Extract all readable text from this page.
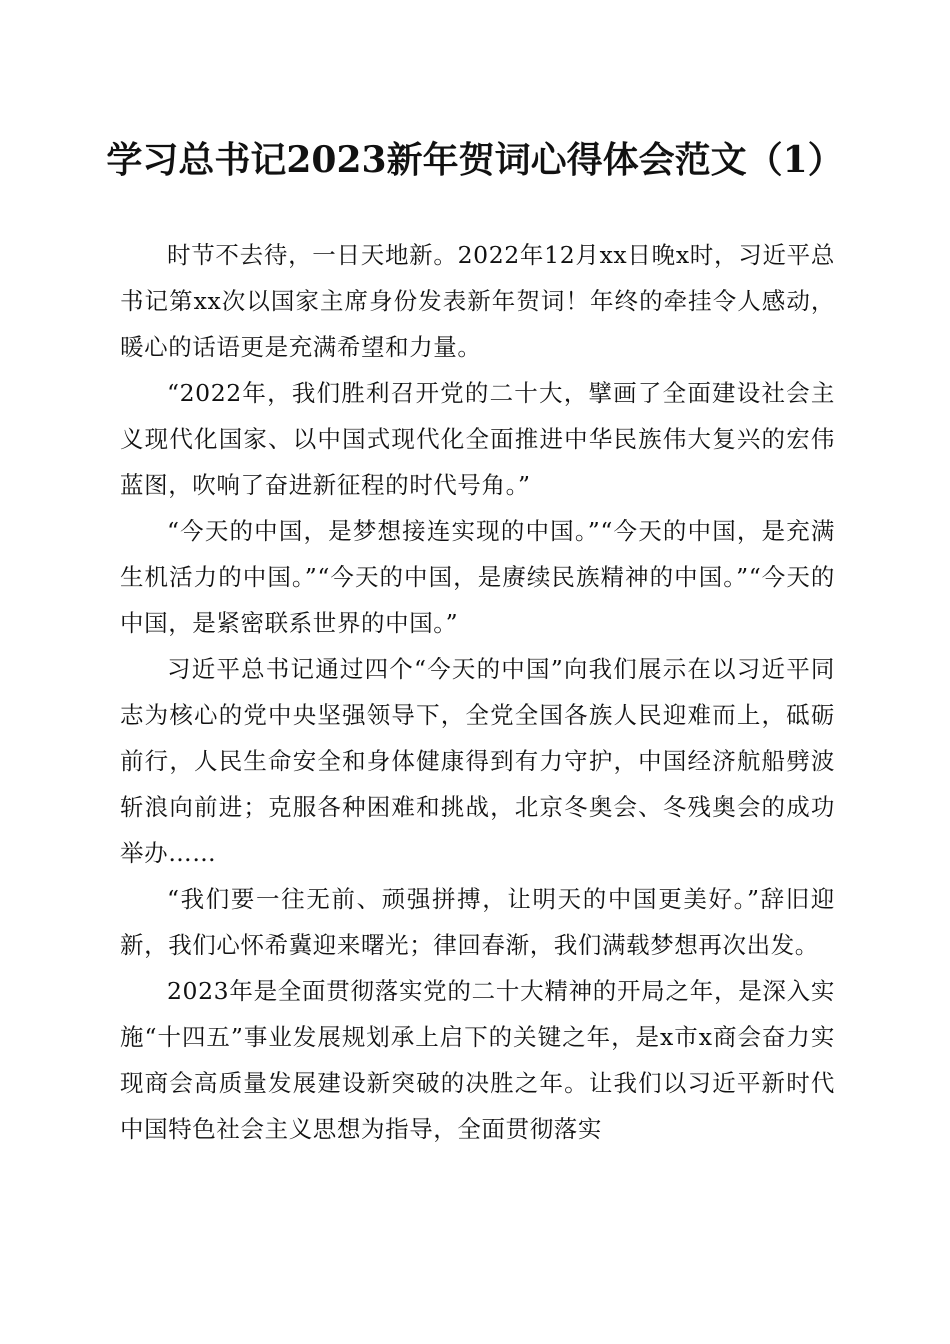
学习总书记2023新年贺词心得体会范文（1）

时节不去待，一日天地新。2022年12月xx日晚x时，习近平总书记第xx次以国家主席身份发表新年贺词！年终的牵挂令人感动，暖心的话语更是充满希望和力量。

“2022年，我们胜利召开党的二十大，擘画了全面建设社会主义现代化国家、以中国式现代化全面推进中华民族伟大复兴的宏伟蓝图，吹响了奋进新征程的时代号角。”

“今天的中国，是梦想接连实现的中国。”“今天的中国，是充满生机活力的中国。”“今天的中国，是赓续民族精神的中国。”“今天的中国，是紧密联系世界的中国。”

习近平总书记通过四个“今天的中国”向我们展示在以习近平同志为核心的党中央坚强领导下，全党全国各族人民迎难而上，砥砺前行，人民生命安全和身体健康得到有力守护，中国经济航船劈波斩浪向前进；克服各种困难和挑战，北京冬奥会、冬残奥会的成功举办……

“我们要一往无前、顽强拼搏，让明天的中国更美好。”辞旧迎新，我们心怀希冀迎来曙光；律回春渐，我们满载梦想再次出发。

2023年是全面贯彻落实党的二十大精神的开局之年，是深入实施“十四五”事业发展规划承上启下的关键之年，是x市x商会奋力实现商会高质量发展建设新突破的决胜之年。让我们以习近平新时代中国特色社会主义思想为指导，全面贯彻落实
